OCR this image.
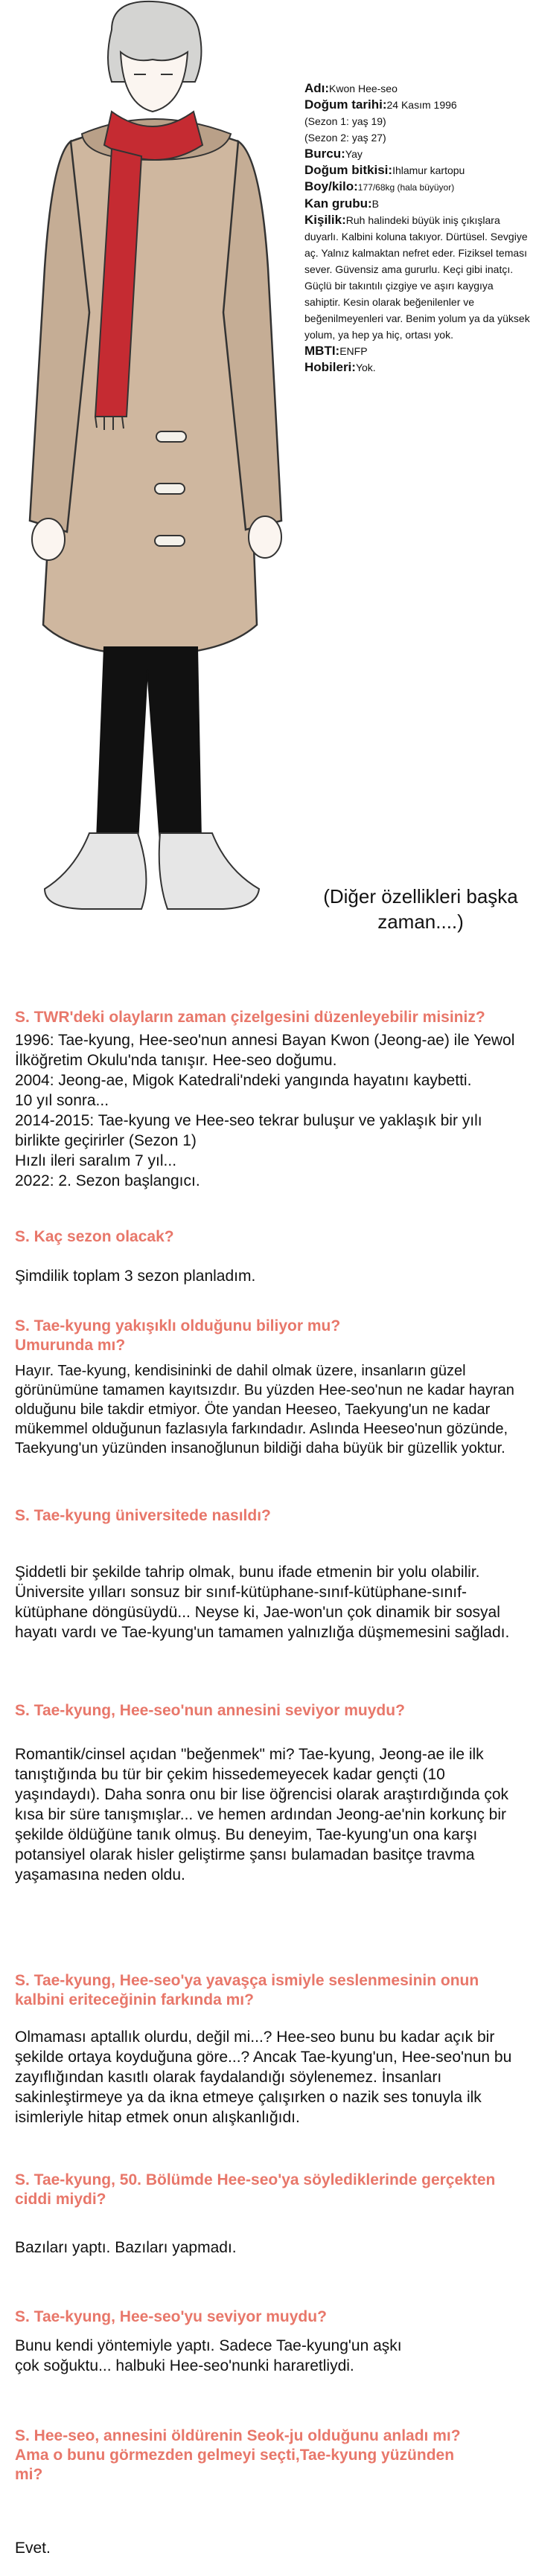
Adı:Kwon Hee-seo
Doğum tarihi:24 Kasım 1996
(Sezon 1: yaş 19)
(Sezon 2: yaş 27)
Burcu:Yay
Doğum bitkisi:Ihlamur kartopu
Boy/kilo:177/68kg (hala büyüyor)
Kan grubu:B
Kişilik:Ruh halindeki büyük iniş çıkışlara duyarlı. Kalbini koluna takıyor. Dürtüsel. Sevgiye aç. Yalnız kalmaktan nefret eder. Fiziksel teması sever. Güvensiz ama gururlu. Keçi gibi inatçı. Güçlü bir takıntılı çizgiye ve aşırı kaygıya sahiptir. Kesin olarak beğenilenler ve beğenilmeyenleri var. Benim yolum ya da yüksek yolum, ya hep ya hiç, ortası yok.
MBTI:ENFP
Hobileri:Yok.
(Diğer özellikleri başka zaman....)
S. TWR'deki olayların zaman çizelgesini düzenleyebilir misiniz?
1996: Tae-kyung, Hee-seo'nun annesi Bayan Kwon (Jeong-ae) ile Yewol İlköğretim Okulu'nda tanışır. Hee-seo doğumu.
2004: Jeong-ae, Migok Katedrali'ndeki yangında hayatını kaybetti.
10 yıl sonra...
2014-2015: Tae-kyung ve Hee-seo tekrar buluşur ve yaklaşık bir yılı birlikte geçirirler (Sezon 1)
Hızlı ileri saralım 7 yıl...
2022: 2. Sezon başlangıcı.
S. Kaç sezon olacak?
Şimdilik toplam 3 sezon planladım.
S. Tae-kyung yakışıklı olduğunu biliyor mu? Umurunda mı?
Hayır. Tae-kyung, kendisininki de dahil olmak üzere, insanların güzel görünümüne tamamen kayıtsızdır. Bu yüzden Hee-seo'nun ne kadar hayran olduğunu bile takdir etmiyor. Öte yandan Heeseo, Taekyung'un ne kadar mükemmel olduğunun fazlasıyla farkındadır. Aslında Heeseo'nun gözünde, Taekyung'un yüzünden insanoğlunun bildiği daha büyük bir güzellik yoktur.
S. Tae-kyung üniversitede nasıldı?
Şiddetli bir şekilde tahrip olmak, bunu ifade etmenin bir yolu olabilir. Üniversite yılları sonsuz bir sınıf-kütüphane-sınıf-kütüphane-sınıf-kütüphane döngüsüydü... Neyse ki, Jae-won'un çok dinamik bir sosyal hayatı vardı ve Tae-kyung'un tamamen yalnızlığa düşmemesini sağladı.
S. Tae-kyung, Hee-seo'nun annesini seviyor muydu?
Romantik/cinsel açıdan "beğenmek" mi? Tae-kyung, Jeong-ae ile ilk tanıştığında bu tür bir çekim hissedemeyecek kadar gençti (10 yaşındaydı). Daha sonra onu bir lise öğrencisi olarak araştırdığında çok kısa bir süre tanışmışlar... ve hemen ardından Jeong-ae'nin korkunç bir şekilde öldüğüne tanık olmuş. Bu deneyim, Tae-kyung'un ona karşı potansiyel olarak hisler geliştirme şansı bulamadan basitçe travma yaşamasına neden oldu.
S. Tae-kyung, Hee-seo'ya yavaşça ismiyle seslenmesinin onun kalbini eriteceğinin farkında mı?
Olmaması aptallık olurdu, değil mi...? Hee-seo bunu bu kadar açık bir şekilde ortaya koyduğuna göre...? Ancak Tae-kyung'un, Hee-seo'nun bu zayıflığından kasıtlı olarak faydalandığı söylenemez. İnsanları sakinleştirmeye ya da ikna etmeye çalışırken o nazik ses tonuyla ilk isimleriyle hitap etmek onun alışkanlığıdı.
S. Tae-kyung, 50. Bölümde Hee-seo'ya söylediklerinde gerçekten ciddi miydi?
Bazıları yaptı. Bazıları yapmadı.
S. Tae-kyung, Hee-seo'yu seviyor muydu?
Bunu kendi yöntemiyle yaptı. Sadece Tae-kyung'un aşkı çok soğuktu... halbuki Hee-seo'nunki hararetliydi.
S. Hee-seo, annesini öldürenin Seok-ju olduğunu anladı mı? Ama o bunu görmezden gelmeyi seçti,Tae-kyung yüzünden mi?
Evet.
